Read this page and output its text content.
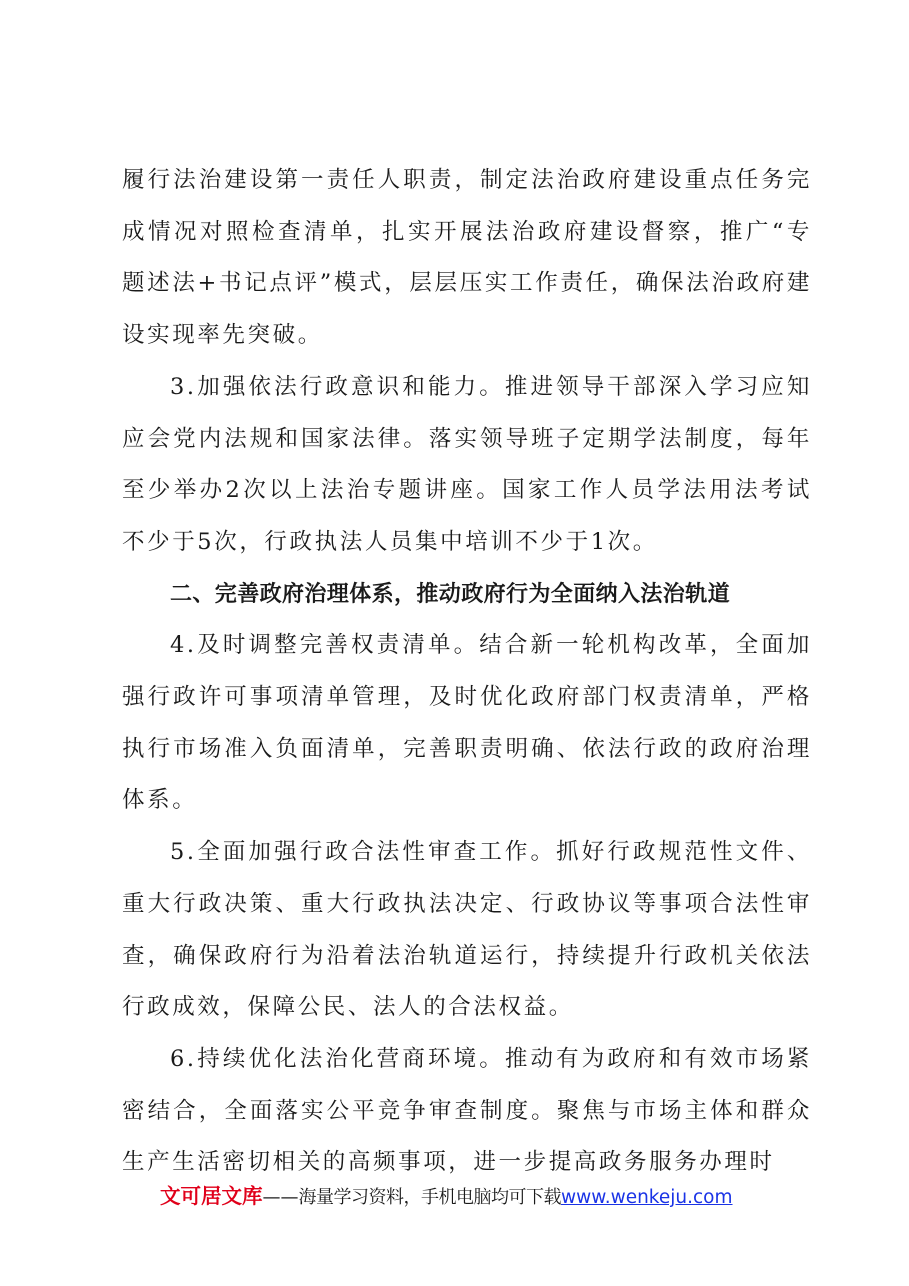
履行法治建设第一责任人职责，制定法治政府建设重点任务完成情况对照检查清单，扎实开展法治政府建设督察，推广“专题述法+书记点评”模式，层层压实工作责任，确保法治政府建设实现率先突破。

3.加强依法行政意识和能力。推进领导干部深入学习应知应会党内法规和国家法律。落实领导班子定期学法制度，每年至少举办2次以上法治专题讲座。国家工作人员学法用法考试不少于5次，行政执法人员集中培训不少于1次。

二、完善政府治理体系，推动政府行为全面纳入法治轨道

4.及时调整完善权责清单。结合新一轮机构改革，全面加强行政许可事项清单管理，及时优化政府部门权责清单，严格执行市场准入负面清单，完善职责明确、依法行政的政府治理体系。

5.全面加强行政合法性审查工作。抓好行政规范性文件、重大行政决策、重大行政执法决定、行政协议等事项合法性审查，确保政府行为沿着法治轨道运行，持续提升行政机关依法行政成效，保障公民、法人的合法权益。

6.持续优化法治化营商环境。推动有为政府和有效市场紧密结合，全面落实公平竞争审查制度。聚焦与市场主体和群众生产生活密切相关的高频事项，进一步提高政务服务办理时

文可居文库——海量学习资料，手机电脑均可下载www.wenkeju.com
